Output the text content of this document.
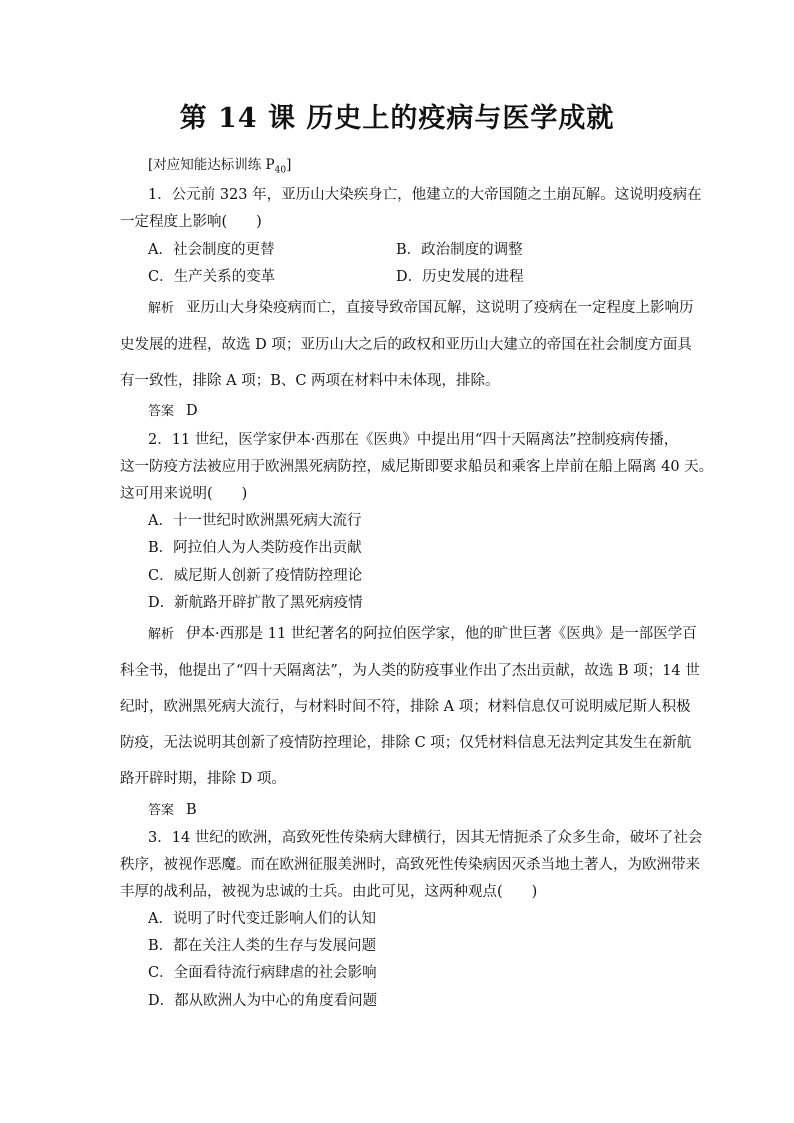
第 14 课 历史上的疫病与医学成就
[对应知能达标训练 $P_{40}$]
1．公元前 323 年，亚历山大染疾身亡，他建立的大帝国随之土崩瓦解。这说明疫病在
一定程度上影响(　　)
A．社会制度的更替	B．政治制度的调整
C．生产关系的变革	D．历史发展的进程
解析 亚历山大身染疫病而亡，直接导致帝国瓦解，这说明了疫病在一定程度上影响历
史发展的进程，故选 D 项；亚历山大之后的政权和亚历山大建立的帝国在社会制度方面具
有一致性，排除 A 项；B、C 两项在材料中未体现，排除。
答案 D
2．11 世纪，医学家伊本·西那在《医典》中提出用“四十天隔离法”控制疫病传播，
这一防疫方法被应用于欧洲黑死病防控，威尼斯即要求船员和乘客上岸前在船上隔离 40 天。
这可用来说明(　　)
A．十一世纪时欧洲黑死病大流行
B．阿拉伯人为人类防疫作出贡献
C．威尼斯人创新了疫情防控理论
D．新航路开辟扩散了黑死病疫情
解析 伊本·西那是 11 世纪著名的阿拉伯医学家，他的旷世巨著《医典》是一部医学百
科全书，他提出了“四十天隔离法”，为人类的防疫事业作出了杰出贡献，故选 B 项；14 世
纪时，欧洲黑死病大流行，与材料时间不符，排除 A 项；材料信息仅可说明威尼斯人积极
防疫，无法说明其创新了疫情防控理论，排除 C 项；仅凭材料信息无法判定其发生在新航
路开辟时期，排除 D 项。
答案 B
3．14 世纪的欧洲，高致死性传染病大肆横行，因其无情扼杀了众多生命，破坏了社会
秩序，被视作恶魔。而在欧洲征服美洲时，高致死性传染病因灭杀当地土著人，为欧洲带来
丰厚的战利品，被视为忠诚的士兵。由此可见，这两种观点(　　)
A．说明了时代变迁影响人们的认知
B．都在关注人类的生存与发展问题
C．全面看待流行病肆虐的社会影响
D．都从欧洲人为中心的角度看问题
